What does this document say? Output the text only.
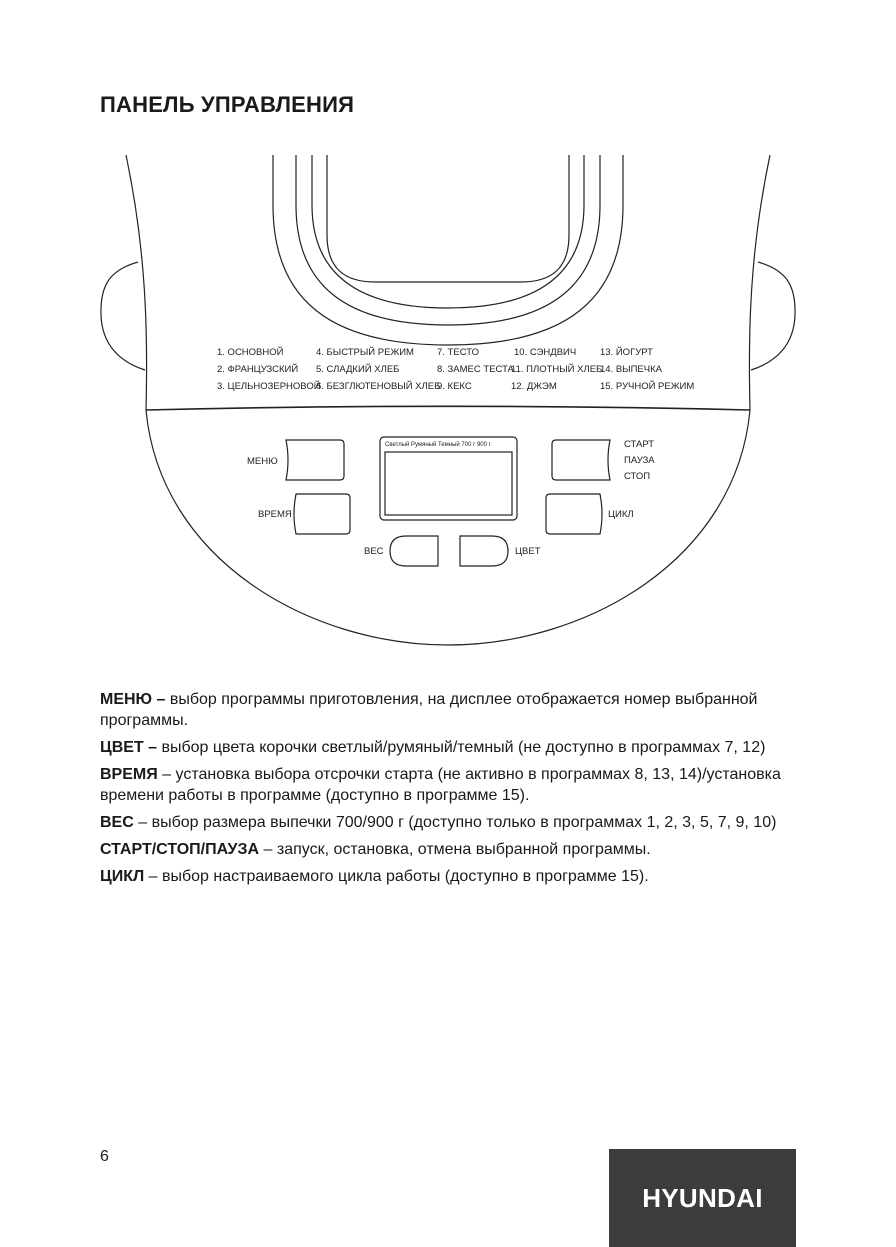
ПАНЕЛЬ УПРАВЛЕНИЯ
1. ОСНОВНОЙ
2. ФРАНЦУЗСКИЙ
3. ЦЕЛЬНОЗЕРНОВОЙ
4. БЫСТРЫЙ РЕЖИМ
5. СЛАДКИЙ ХЛЕБ
6. БЕЗГЛЮТЕНОВЫЙ ХЛЕБ
7. ТЕСТО
8. ЗАМЕС ТЕСТА
9. КЕКС
10. СЭНДВИЧ
11. ПЛОТНЫЙ ХЛЕБ
12. ДЖЭМ
13. ЙОГУРТ
14. ВЫПЕЧКА
15. РУЧНОЙ РЕЖИМ
МЕНЮ
ВРЕМЯ
ВЕС	ЦВЕТ
СТАРТ
ПАУЗА
СТОП
ЦИКЛ
Светлый Румяный Темный 700 г 900 г

МЕНЮ – выбор программы приготовления, на дисплее отображается номер выбранной программы.

ЦВЕТ – выбор цвета корочки светлый/румяный/темный (не доступно в программах 7, 12)

ВРЕМЯ – установка выбора отсрочки старта (не активно в программах 8, 13, 14)/установка времени работы в программе (доступно в программе 15).

ВЕС – выбор размера выпечки 700/900 г (доступно только в программах 1, 2, 3, 5, 7, 9, 10)

СТАРТ/СТОП/ПАУЗА – запуск, остановка, отмена выбранной программы.

ЦИКЛ – выбор настраиваемого цикла работы (доступно в программе 15).

6
HYUNDAI
